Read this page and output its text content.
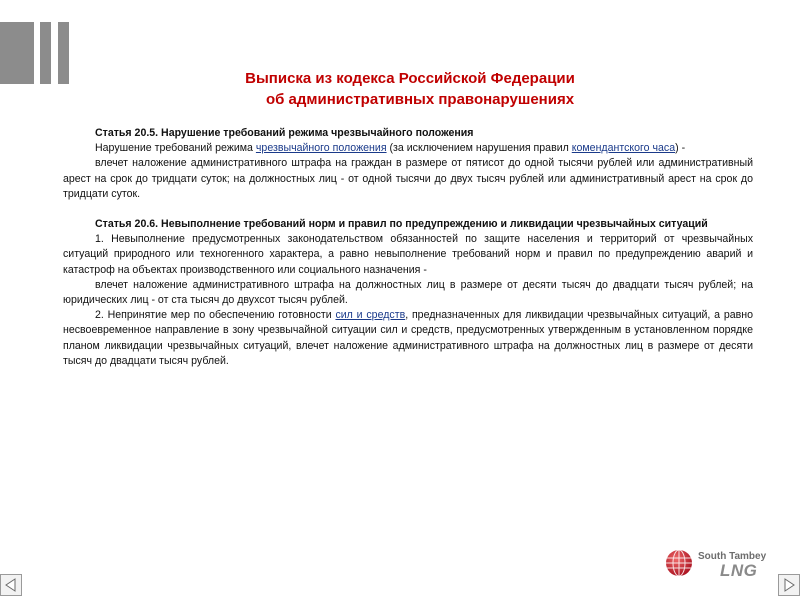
Выписка из кодекса Российской Федерации
об административных правонарушениях

Статья 20.5. Нарушение требований режима чрезвычайного положения

Нарушение требований режима чрезвычайного положения (за исключением нарушения правил комендантского часа) -

влечет наложение административного штрафа на граждан в размере от пятисот до одной тысячи рублей или административный арест на срок до тридцати суток; на должностных лиц - от одной тысячи до двух тысяч рублей или административный арест на срок до тридцати суток.

Статья 20.6. Невыполнение требований норм и правил по предупреждению и ликвидации чрезвычайных ситуаций

1. Невыполнение предусмотренных законодательством обязанностей по защите населения и территорий от чрезвычайных ситуаций природного или техногенного характера, а равно невыполнение требований норм и правил по предупреждению аварий и катастроф на объектах производственного или социального назначения -

влечет наложение административного штрафа на должностных лиц в размере от десяти тысяч до двадцати тысяч рублей; на юридических лиц - от ста тысяч до двухсот тысяч рублей.

2. Непринятие мер по обеспечению готовности сил и средств, предназначенных для ликвидации чрезвычайных ситуаций, а равно несвоевременное направление в зону чрезвычайной ситуации сил и средств, предусмотренных утвержденным в установленном порядке планом ликвидации чрезвычайных ситуаций, влечет наложение административного штрафа на должностных лиц в размере от десяти тысяч до двадцати тысяч рублей.

South Tambey
LNG
